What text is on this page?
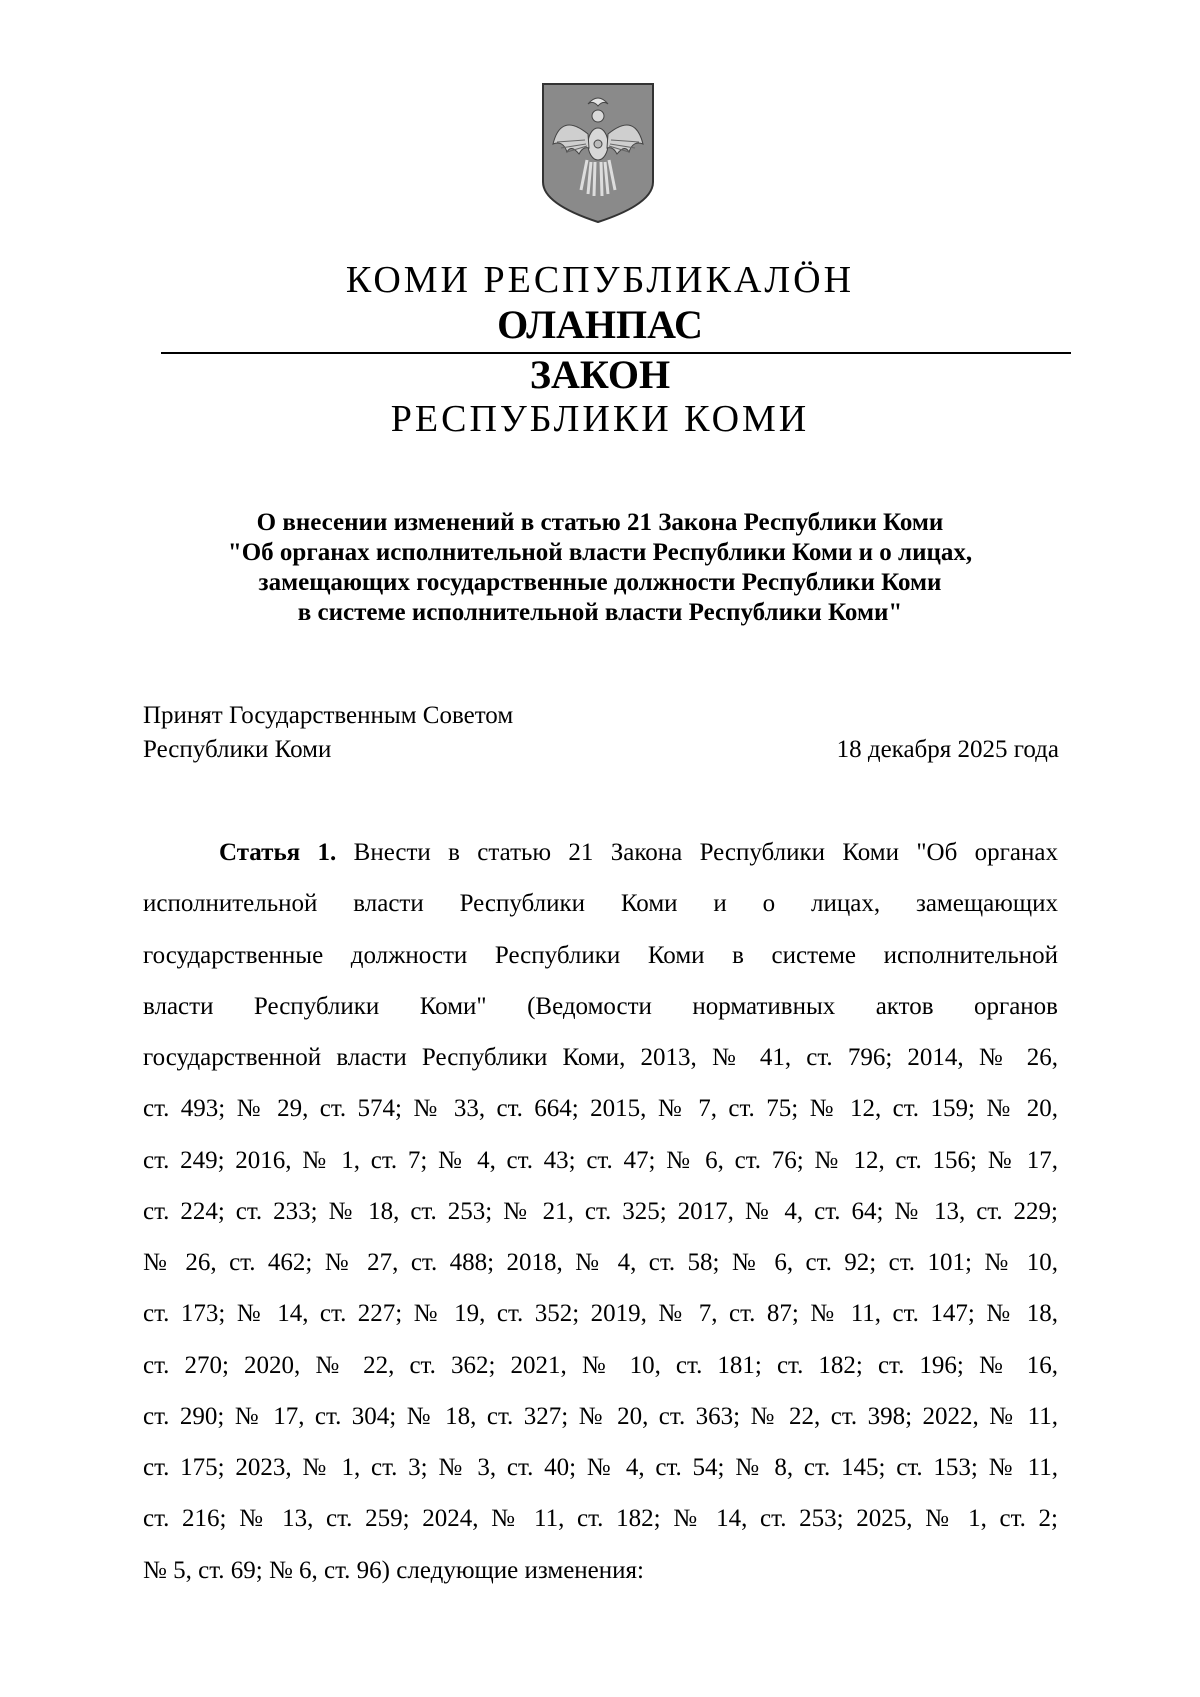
КОМИ РЕСПУБЛИКАЛӦН
ОЛАНПАС
ЗАКОН
РЕСПУБЛИКИ КОМИ
О внесении изменений в статью 21 Закона Республики Коми
"Об органах исполнительной власти Республики Коми и о лицах,
замещающих государственные должности Республики Коми
в системе исполнительной власти Республики Коми"
Принят Государственным Советом
Республики Коми	18 декабря 2025 года
Статья 1. Внести в статью 21 Закона Республики Коми "Об органах
исполнительной власти Республики Коми и о лицах, замещающих
государственные должности Республики Коми в системе исполнительной
власти Республики Коми" (Ведомости нормативных актов органов
государственной власти Республики Коми, 2013, № 41, ст. 796; 2014, № 26,
ст. 493; № 29, ст. 574; № 33, ст. 664; 2015, № 7, ст. 75; № 12, ст. 159; № 20,
ст. 249; 2016, № 1, ст. 7; № 4, ст. 43; ст. 47; № 6, ст. 76; № 12, ст. 156; № 17,
ст. 224; ст. 233; № 18, ст. 253; № 21, ст. 325; 2017, № 4, ст. 64; № 13, ст. 229;
№ 26, ст. 462; № 27, ст. 488; 2018, № 4, ст. 58; № 6, ст. 92; ст. 101; № 10,
ст. 173; № 14, ст. 227; № 19, ст. 352; 2019, № 7, ст. 87; № 11, ст. 147; № 18,
ст. 270; 2020, № 22, ст. 362; 2021, № 10, ст. 181; ст. 182; ст. 196; № 16,
ст. 290; № 17, ст. 304; № 18, ст. 327; № 20, ст. 363; № 22, ст. 398; 2022, № 11,
ст. 175; 2023, № 1, ст. 3; № 3, ст. 40; № 4, ст. 54; № 8, ст. 145; ст. 153; № 11,
ст. 216; № 13, ст. 259; 2024, № 11, ст. 182; № 14, ст. 253; 2025, № 1, ст. 2;
№ 5, ст. 69; № 6, ст. 96) следующие изменения:
